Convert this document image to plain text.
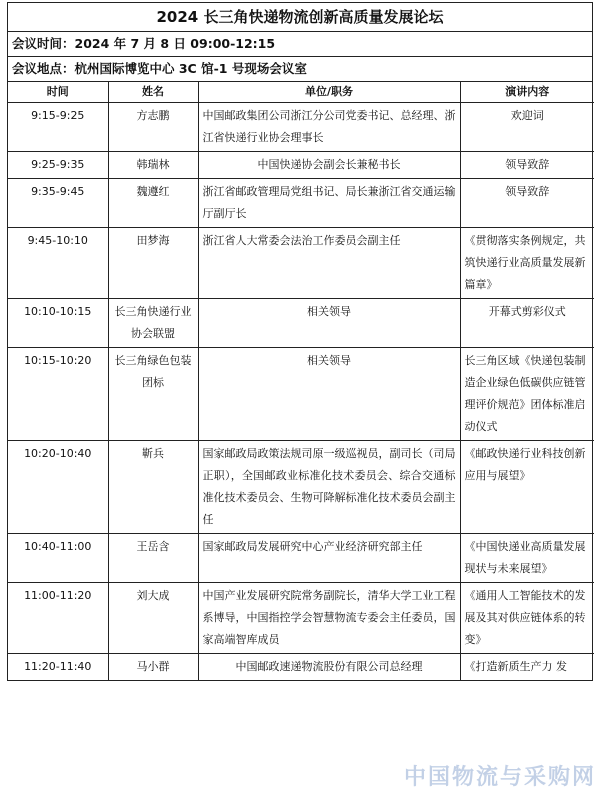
2024 长三角快递物流创新高质量发展论坛
会议时间：2024 年 7 月 8 日 09:00-12:15
会议地点：杭州国际博览中心 3C 馆-1 号现场会议室
时间	姓名	单位/职务	演讲内容
9:15-9:25	方志鹏	中国邮政集团公司浙江分公司党委书记、总经理、浙江省快递行业协会理事长	欢迎词
9:25-9:35	韩瑞林	中国快递协会副会长兼秘书长	领导致辞
9:35-9:45	魏遵红	浙江省邮政管理局党组书记、局长兼浙江省交通运输厅副厅长	领导致辞
9:45-10:10	田梦海	浙江省人大常委会法治工作委员会副主任	《贯彻落实条例规定，共筑快递行业高质量发展新篇章》
10:10-10:15	长三角快递行业协会联盟	相关领导	开幕式剪彩仪式
10:15-10:20	长三角绿色包装团标	相关领导	长三角区域《快递包装制造企业绿色低碳供应链管理评价规范》团体标准启动仪式
10:20-10:40	靳兵	国家邮政局政策法规司原一级巡视员，副司长（司局正职），全国邮政业标准化技术委员会、综合交通标准化技术委员会、生物可降解标准化技术委员会副主任	《邮政快递行业科技创新应用与展望》
10:40-11:00	王岳含	国家邮政局发展研究中心产业经济研究部主任	《中国快递业高质量发展现状与未来展望》
11:00-11:20	刘大成	中国产业发展研究院常务副院长，清华大学工业工程系博导，中国指控学会智慧物流专委会主任委员，国家高端智库成员	《通用人工智能技术的发展及其对供应链体系的转变》
11:20-11:40	马小群	中国邮政速递物流股份有限公司总经理	《打造新质生产力 发
中国物流与采购网
